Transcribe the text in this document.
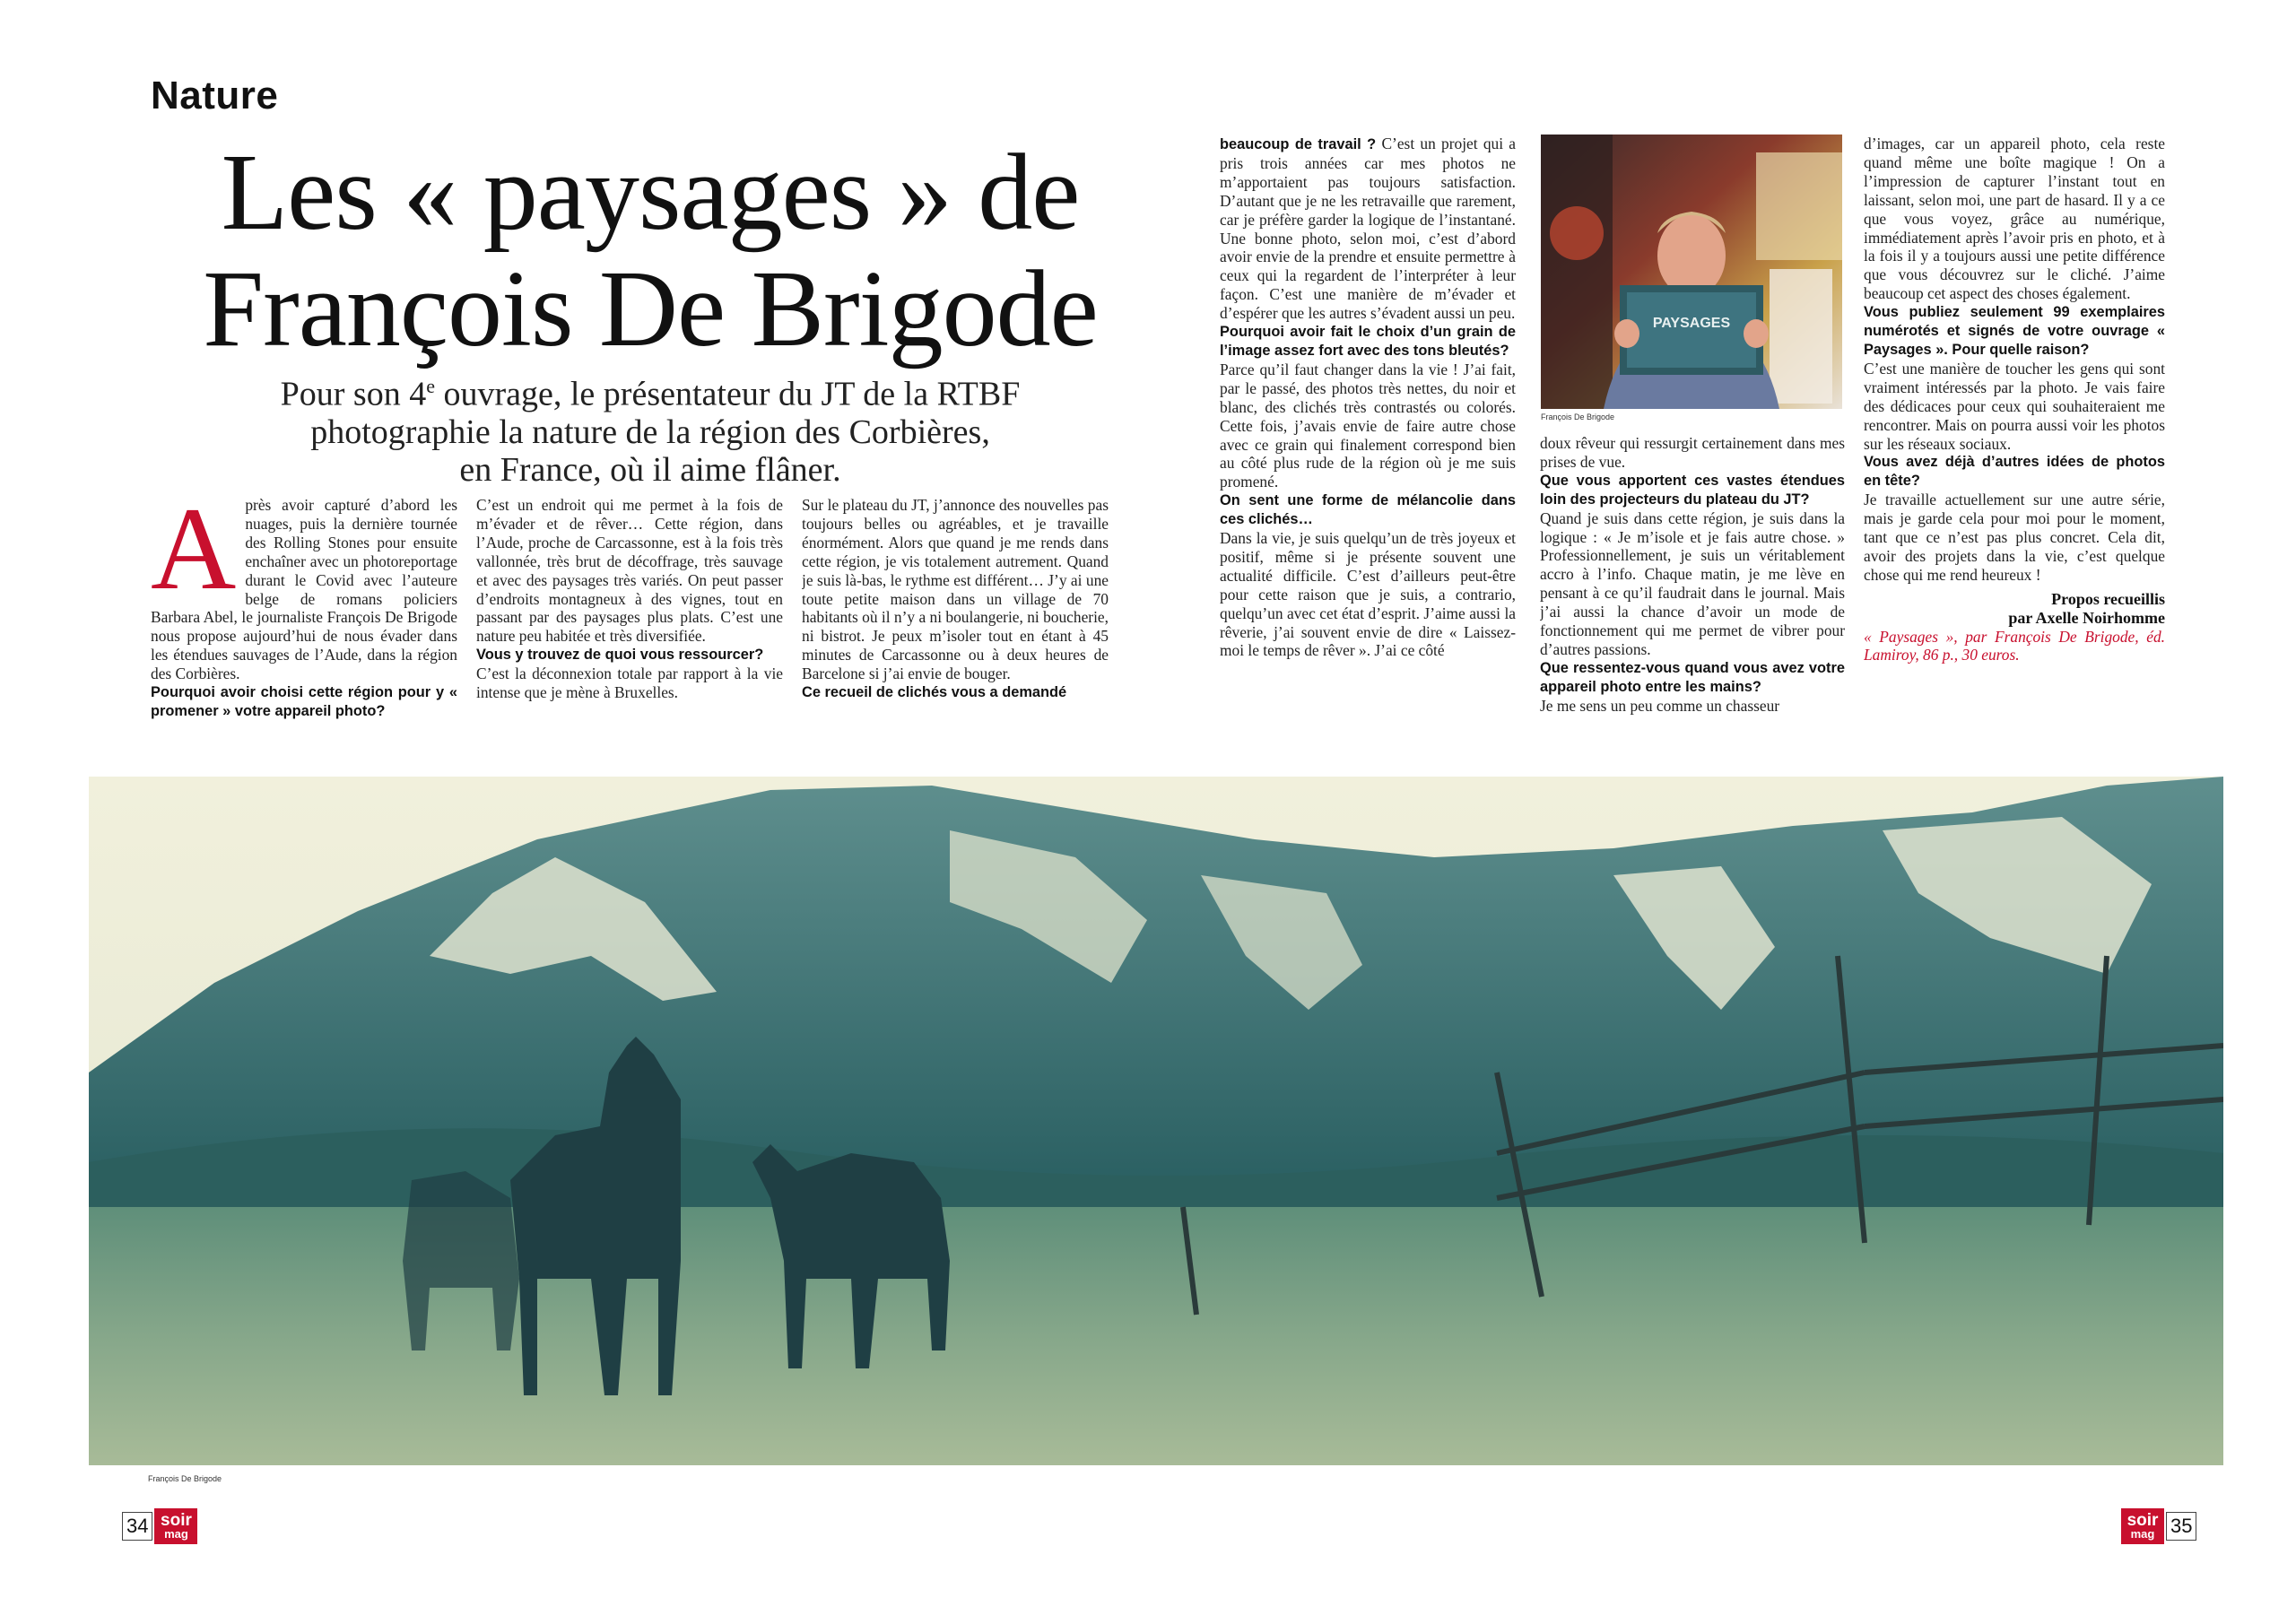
Nature
Les « paysages » de
François De Brigode
Pour son 4e ouvrage, le présentateur du JT de la RTBF
photographie la nature de la région des Corbières,
en France, où il aime flâner.
A près avoir capturé d’abord les nuages, puis la dernière tournée des Rolling Stones pour ensuite enchaîner avec un photoreportage durant le Covid avec l’auteure belge de romans policiers Barbara Abel, le journaliste François De Brigode nous propose aujourd’hui de nous évader dans les étendues sauvages de l’Aude, dans la région des Corbières.

Pourquoi avoir choisi cette région pour y « promener » votre appareil photo?

C’est un endroit qui me permet à la fois de m’évader et de rêver… Cette région, dans l’Aude, proche de Carcassonne, est à la fois très vallonnée, très brut de décoffrage, très sauvage et avec des paysages très variés. On peut passer d’endroits montagneux à des vignes, tout en passant par des paysages plus plats. C’est une nature peu habitée et très diversifiée.

Vous y trouvez de quoi vous ressourcer?

C’est la déconnexion totale par rapport à la vie intense que je mène à Bruxelles.

Sur le plateau du JT, j’annonce des nouvelles pas toujours belles ou agréables, et je travaille énormément. Alors que quand je me rends dans cette région, je vis totalement autrement. Quand je suis là-bas, le rythme est différent… J’y ai une toute petite maison dans un village de 70 habitants où il n’y a ni boulangerie, ni boucherie, ni bistrot. Je peux m’isoler tout en étant à 45 minutes de Carcassonne ou à deux heures de Barcelone si j’ai envie de bouger.

Ce recueil de clichés vous a demandé

beaucoup de travail ? C’est un projet qui a pris trois années car mes photos ne m’apportaient pas toujours satisfaction. D’autant que je ne les retravaille que rarement, car je préfère garder la logique de l’instantané. Une bonne photo, selon moi, c’est d’abord avoir envie de la prendre et ensuite permettre à ceux qui la regardent de l’interpréter à leur façon. C’est une manière de m’évader et d’espérer que les autres s’évadent aussi un peu.

Pourquoi avoir fait le choix d’un grain de l’image assez fort avec des tons bleutés?

Parce qu’il faut changer dans la vie ! J’ai fait, par le passé, des photos très nettes, du noir et blanc, des clichés très contrastés ou colorés. Cette fois, j’avais envie de faire autre chose avec ce grain qui finalement correspond bien au côté plus rude de la région où je me suis promené.

On sent une forme de mélancolie dans ces clichés…

Dans la vie, je suis quelqu’un de très joyeux et positif, même si je présente souvent une actualité difficile. C’est d’ailleurs peut-être pour cette raison que je suis, a contrario, quelqu’un avec cet état d’esprit. J’aime aussi la rêverie, j’ai souvent envie de dire « Laissez-moi le temps de rêver ». J’ai ce côté

PAYSAGES
François De Brigode

doux rêveur qui ressurgit certainement dans mes prises de vue.

Que vous apportent ces vastes étendues loin des projecteurs du plateau du JT?

Quand je suis dans cette région, je suis dans la logique : « Je m’isole et je fais autre chose. » Professionnellement, je suis un véritablement accro à l’info. Chaque matin, je me lève en pensant à ce qu’il faudrait dans le journal. Mais j’ai aussi la chance d’avoir un mode de fonctionnement qui me permet de vibrer pour d’autres passions.

Que ressentez-vous quand vous avez votre appareil photo entre les mains?

Je me sens un peu comme un chasseur

d’images, car un appareil photo, cela reste quand même une boîte magique ! On a l’impression de capturer l’instant tout en laissant, selon moi, une part de hasard. Il y a ce que vous voyez, grâce au numérique, immédiatement après l’avoir pris en photo, et à la fois il y a toujours aussi une petite différence que vous découvrez sur le cliché. J’aime beaucoup cet aspect des choses également.

Vous publiez seulement 99 exemplaires numérotés et signés de votre ouvrage « Paysages ». Pour quelle raison?

C’est une manière de toucher les gens qui sont vraiment intéressés par la photo. Je vais faire des dédicaces pour ceux qui souhaiteraient me rencontrer. Mais on pourra aussi voir les photos sur les réseaux sociaux.

Vous avez déjà d’autres idées de photos en tête?

Je travaille actuellement sur une autre série, mais je garde cela pour moi pour le moment, tant que ce n’est pas plus concret. Cela dit, avoir des projets dans la vie, c’est quelque chose qui me rend heureux !

Propos recueillis
par Axelle Noirhomme

« Paysages », par François De Brigode, éd. Lamiroy, 86 p., 30 euros.

François De Brigode
34 soir
mag
soir
mag 35
